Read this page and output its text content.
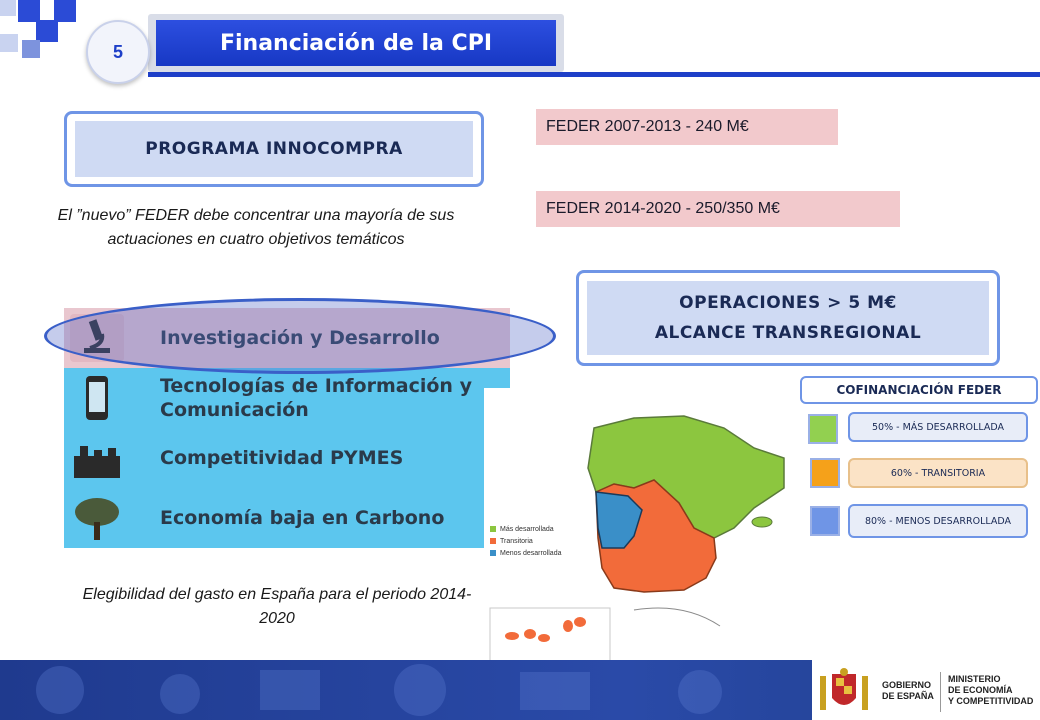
Financiación de la CPI
5
PROGRAMA INNOCOMPRA
El ”nuevo” FEDER debe concentrar una mayoría de sus actuaciones en cuatro objetivos temáticos
FEDER 2007-2013 - 240 M€
FEDER 2014-2020 - 250/350 M€
OPERACIONES > 5 M€
ALCANCE TRANSREGIONAL
Investigación y Desarrollo
Tecnologías de Información y Comunicación
Competitividad PYMES
Economía baja en Carbono
Elegibilidad del gasto en España para el periodo 2014-2020
Más desarrollada
Transitoria
Menos desarrollada
COFINANCIACIÓN FEDER
50% - MÁS DESARROLLADA
60% - TRANSITORIA
80% - MENOS DESARROLLADA
GOBIERNO
DE ESPAÑA
MINISTERIO
DE ECONOMÍA
Y COMPETITIVIDAD
